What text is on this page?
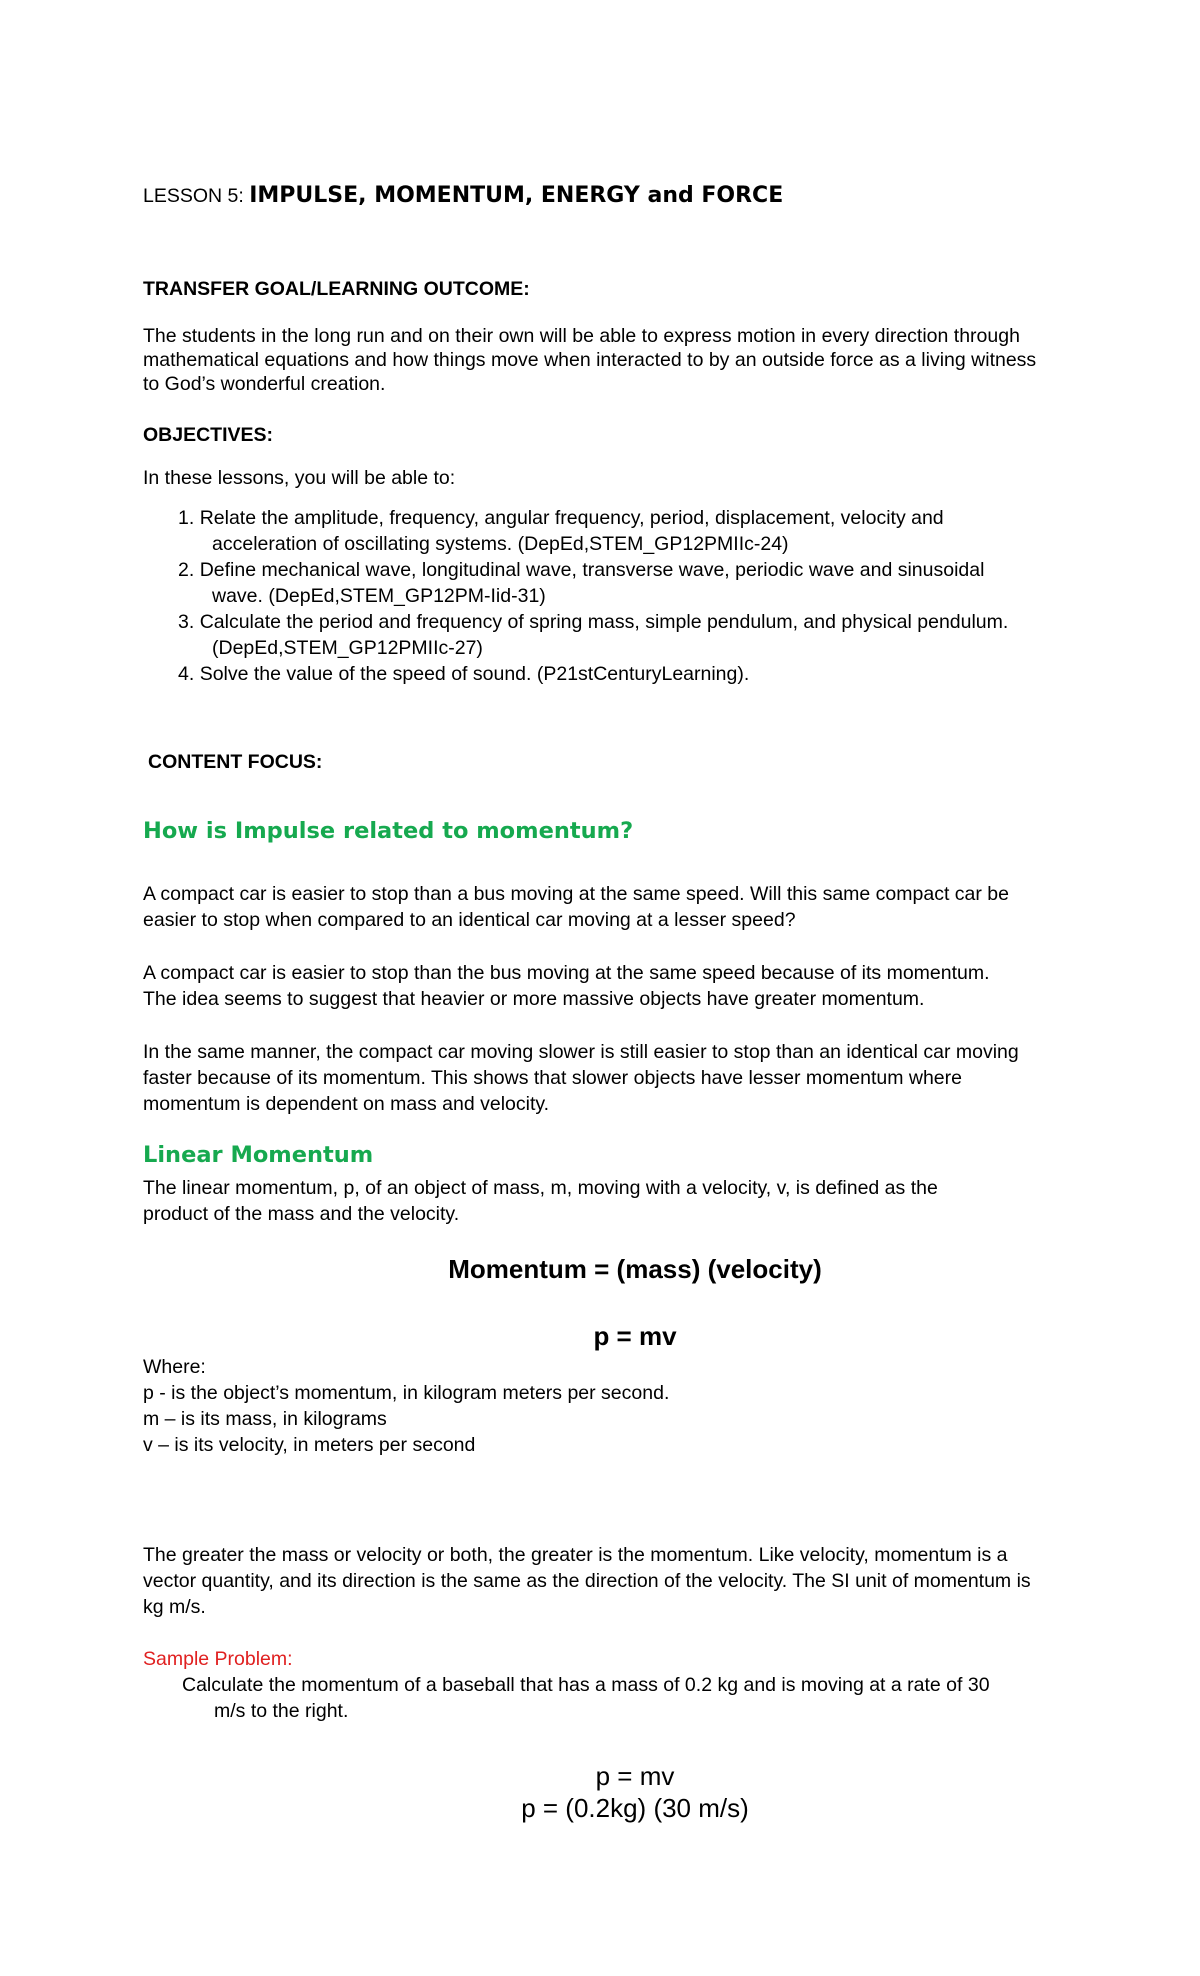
LESSON 5: IMPULSE, MOMENTUM, ENERGY and FORCE
TRANSFER GOAL/LEARNING OUTCOME:
The students in the long run and on their own will be able to express motion in every direction through
mathematical equations and how things move when interacted to by an outside force as a living witness
to God’s wonderful creation.
OBJECTIVES:
In these lessons, you will be able to:
1. Relate the amplitude, frequency, angular frequency, period, displacement, velocity and
acceleration of oscillating systems. (DepEd,STEM_GP12PMIIc-24)
2. Define mechanical wave, longitudinal wave, transverse wave, periodic wave and sinusoidal
wave. (DepEd,STEM_GP12PM-Iid-31)
3. Calculate the period and frequency of spring mass, simple pendulum, and physical pendulum.
(DepEd,STEM_GP12PMIIc-27)
4. Solve the value of the speed of sound. (P21stCenturyLearning).
CONTENT FOCUS:
How is Impulse related to momentum?
A compact car is easier to stop than a bus moving at the same speed. Will this same compact car be
easier to stop when compared to an identical car moving at a lesser speed?
A compact car is easier to stop than the bus moving at the same speed because of its momentum.
The idea seems to suggest that heavier or more massive objects have greater momentum.
In the same manner, the compact car moving slower is still easier to stop than an identical car moving
faster because of its momentum. This shows that slower objects have lesser momentum where
momentum is dependent on mass and velocity.
Linear Momentum
The linear momentum, p, of an object of mass, m, moving with a velocity, v, is defined as the
product of the mass and the velocity.
Momentum = (mass) (velocity)
p = mv
Where:
p - is the object’s momentum, in kilogram meters per second.
m – is its mass, in kilograms
v – is its velocity, in meters per second
The greater the mass or velocity or both, the greater is the momentum. Like velocity, momentum is a
vector quantity, and its direction is the same as the direction of the velocity. The SI unit of momentum is
kg m/s.
Sample Problem:
Calculate the momentum of a baseball that has a mass of 0.2 kg and is moving at a rate of 30
m/s to the right.
p = mv
p = (0.2kg) (30 m/s)
